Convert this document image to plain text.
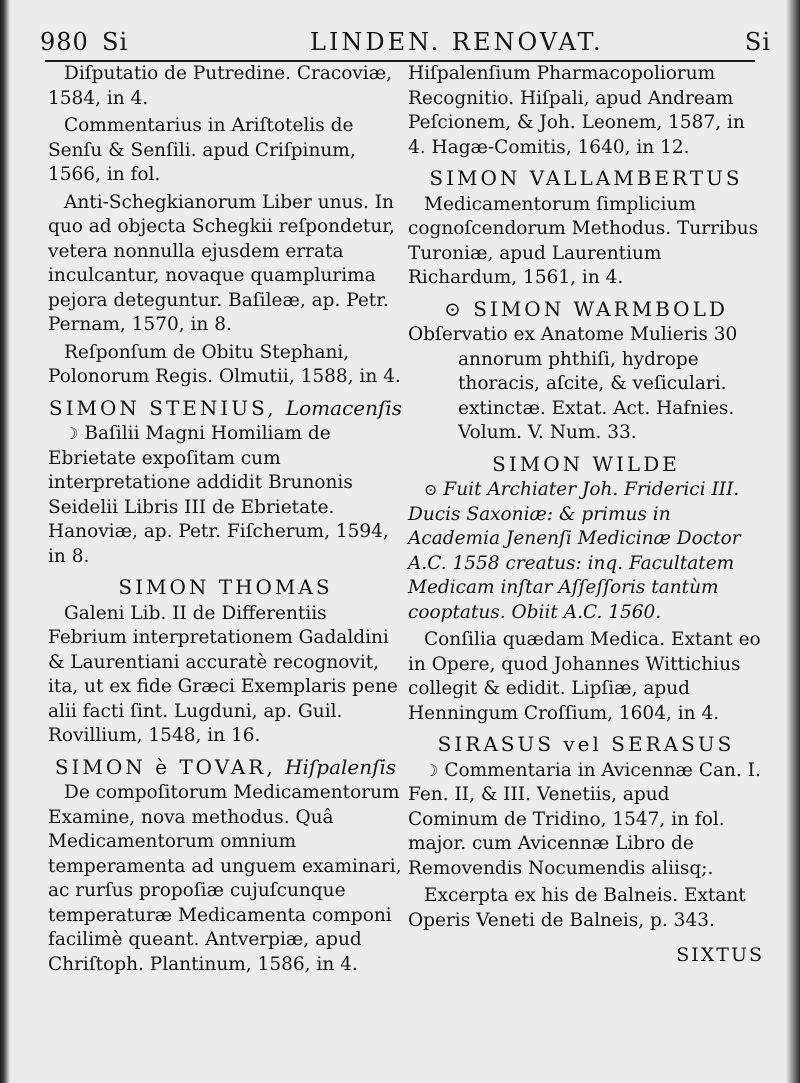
980 Si	LINDEN. RENOVAT.	Si

Diſputatio de Putredine. Cracoviæ, 1584, in 4.

Commentarius in Ariſtotelis de Senſu & Senſili. apud Criſpinum, 1566, in fol.

Anti-Schegkianorum Liber unus. In quo ad objecta Schegkii reſpondetur, vetera nonnulla ejusdem errata inculcantur, novaque quamplurima pejora deteguntur. Baſileæ, ap. Petr. Pernam, 1570, in 8.

Reſponſum de Obitu Stephani, Polonorum Regis. Olmutii, 1588, in 4.

SIMON STENIUS, Lomacenſis

☽ Baſilii Magni Homiliam de Ebrietate expoſitam cum interpretatione addidit Brunonis Seidelii Libris III de Ebrietate. Hanoviæ, ap. Petr. Fiſcherum, 1594, in 8.

SIMON THOMAS

Galeni Lib. II de Differentiis Febrium interpretationem Gadaldini & Laurentiani accuratè recognovit, ita, ut ex fide Græci Exemplaris pene alii facti ſint. Lugduni, ap. Guil. Rovillium, 1548, in 16.

SIMON è TOVAR, Hiſpalenſis

De compoſitorum Medicamentorum Examine, nova methodus. Quâ Medicamentorum omnium temperamenta ad unguem examinari, ac rurſus propoſiæ cujuſcunque temperaturæ Medicamenta componi facilimè queant. Antverpiæ, apud Chriſtoph. Plantinum, 1586, in 4.

Hiſpalenſium Pharmacopoliorum Recognitio. Hiſpali, apud Andream Peſcionem, & Joh. Leonem, 1587, in 4. Hagæ-Comitis, 1640, in 12.

SIMON VALLAMBERTUS

Medicamentorum ſimplicium cognoſcendorum Methodus. Turribus Turoniæ, apud Laurentium Richardum, 1561, in 4.

⊙ SIMON WARMBOLD

Obſervatio ex Anatome Mulieris 30 annorum phthiſi, hydrope thoracis, aſcite, & veſiculari. extinctæ. Extat. Act. Hafnies. Volum. V. Num. 33.

SIMON WILDE

⊙ Fuit Archiater Joh. Friderici III. Ducis Saxoniæ: & primus in Academia Jenenſi Medicinæ Doctor A.C. 1558 creatus: inq. Facultatem Medicam inſtar Aſſeſſoris tantùm cooptatus. Obiit A.C. 1560.

Conſilia quædam Medica. Extant eo in Opere, quod Johannes Wittichius collegit & edidit. Lipſiæ, apud Henningum Croſſium, 1604, in 4.

SIRASUS vel SERASUS

☽ Commentaria in Avicennæ Can. I. Fen. II, & III. Venetiis, apud Cominum de Tridino, 1547, in fol. major. cum Avicennæ Libro de Removendis Nocumendis aliisq;.

Excerpta ex his de Balneis. Extant Operis Veneti de Balneis, p. 343.

SIXTUS
